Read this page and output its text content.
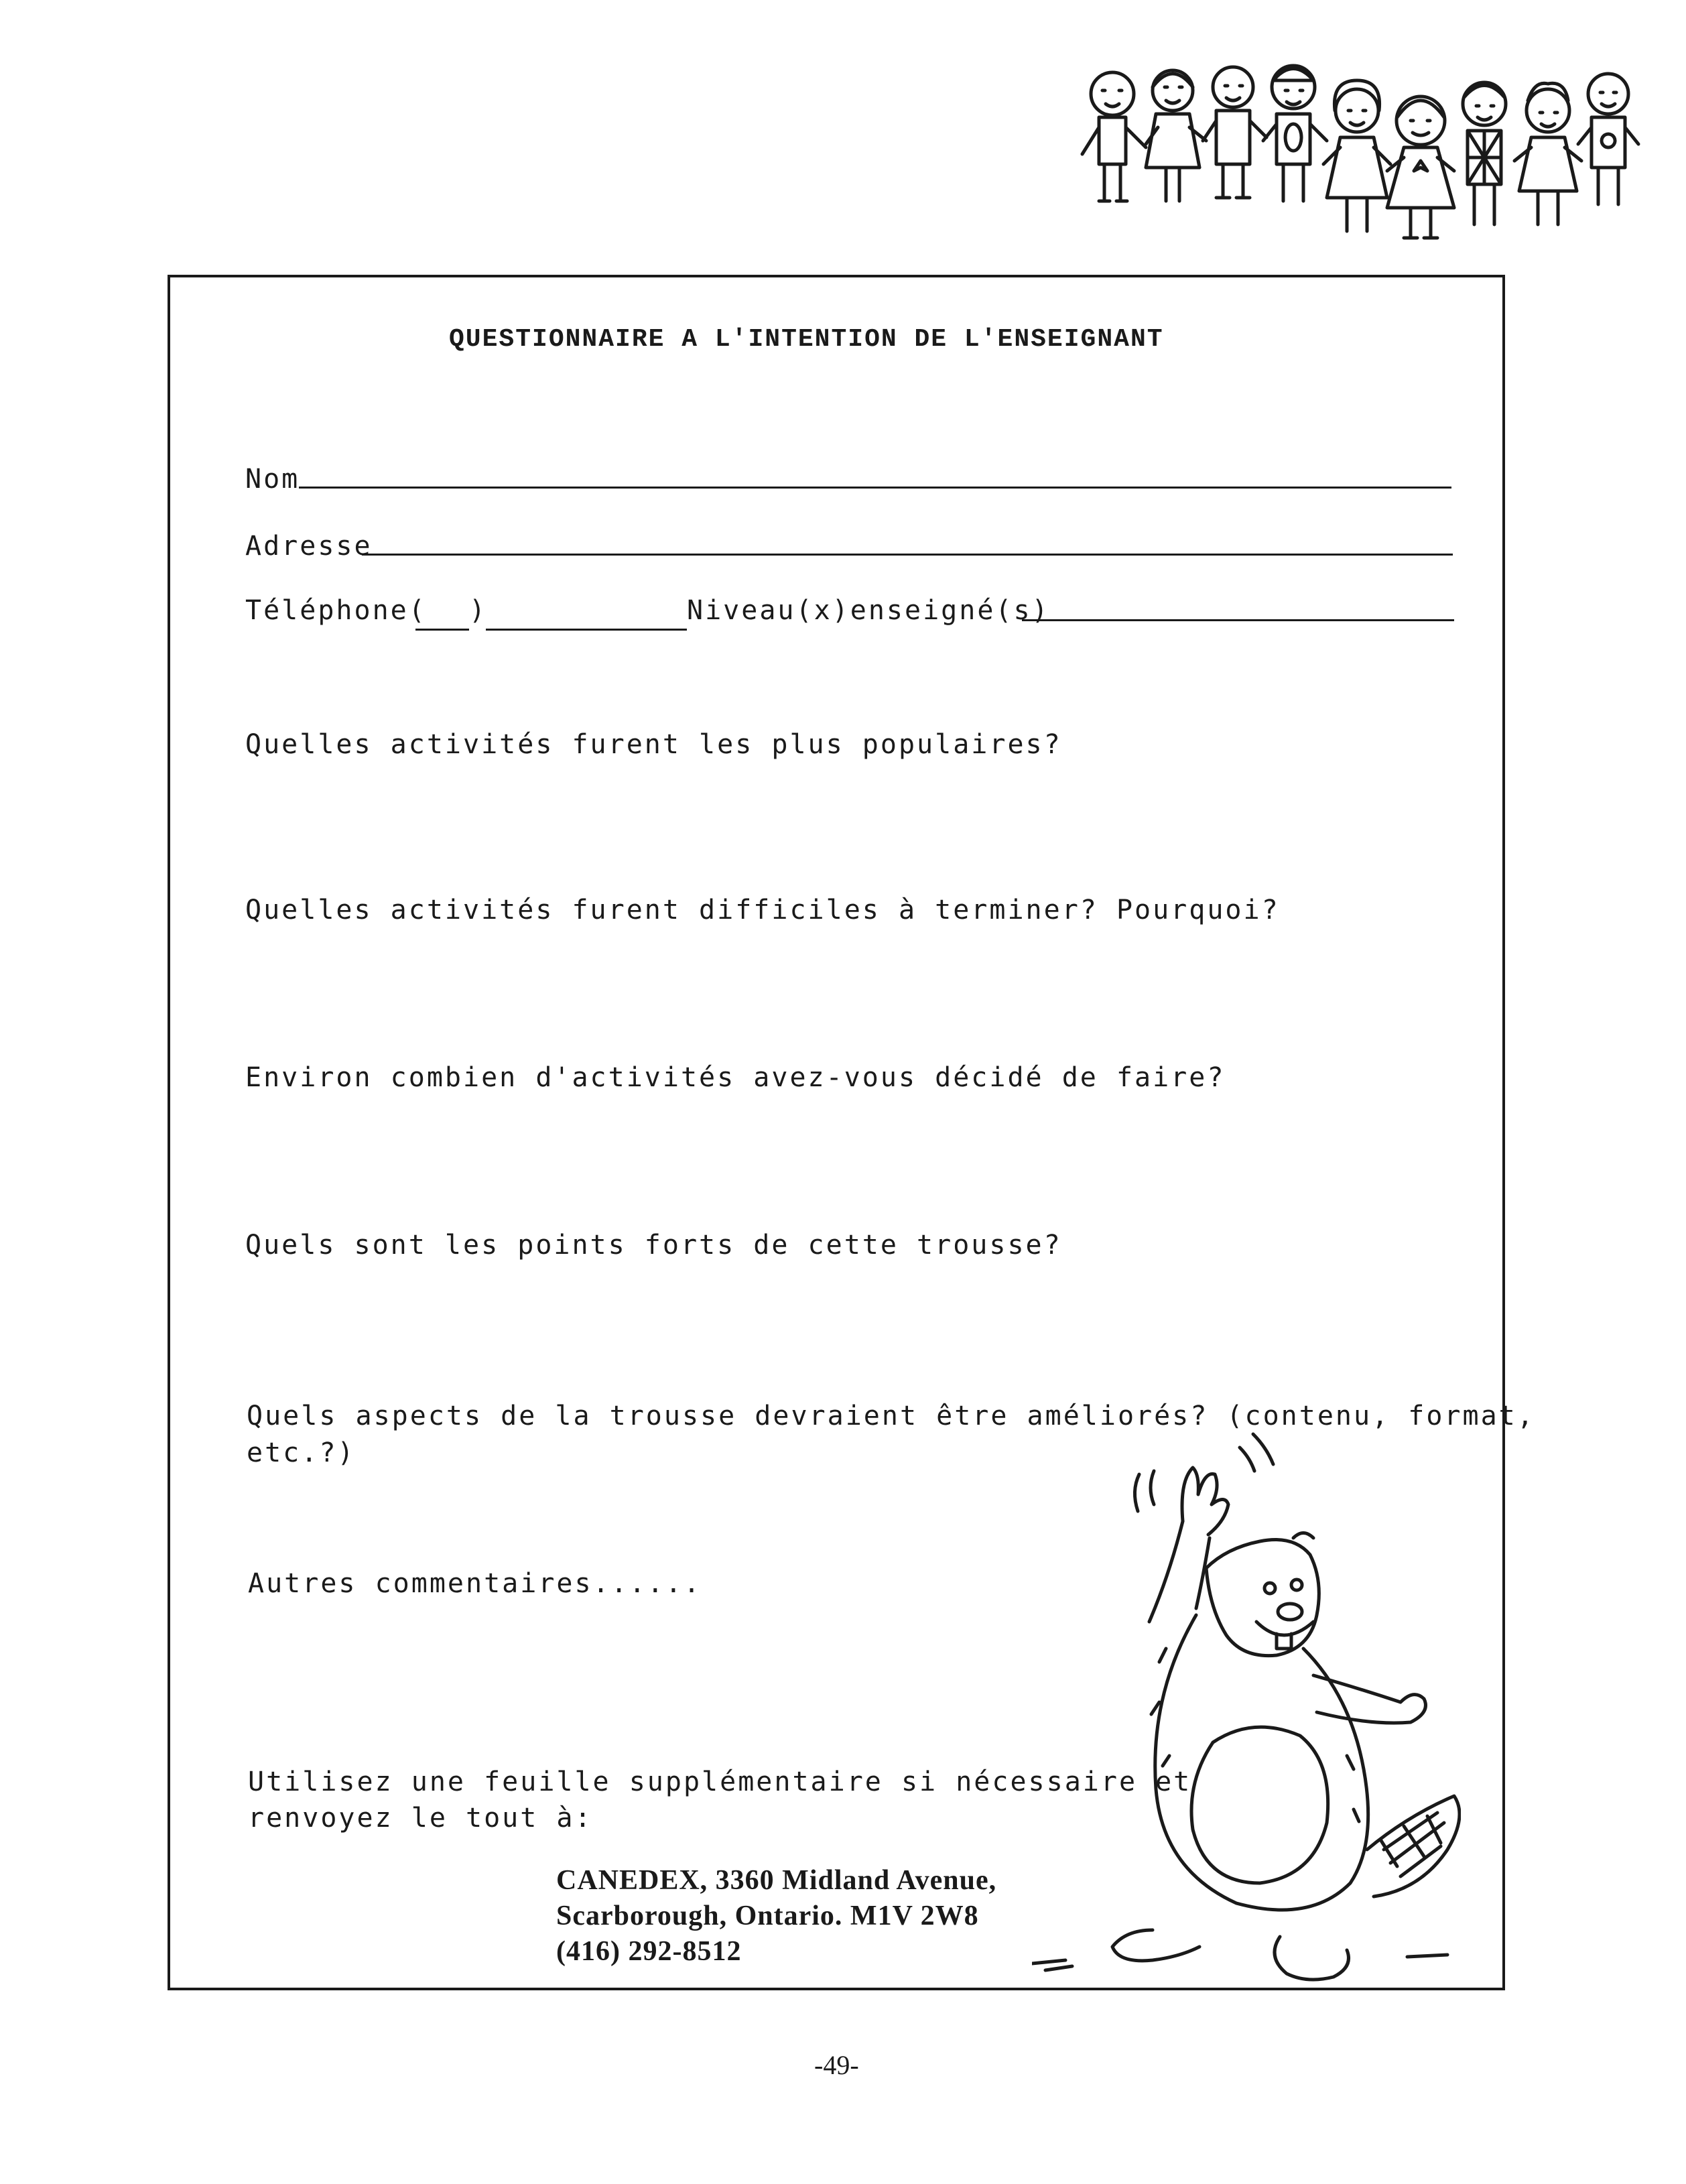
QUESTIONNAIRE A L'INTENTION DE L'ENSEIGNANT
Nom
Adresse
Téléphone( )	Niveau(x)enseigné(s)
Quelles activités furent les plus populaires?
Quelles activités furent difficiles à terminer? Pourquoi?
Environ combien d'activités avez-vous décidé de faire?
Quels sont les points forts de cette trousse?
Quels aspects de la trousse devraient être améliorés? (contenu, format,
etc.?)
Autres commentaires......
Utilisez une feuille supplémentaire si nécessaire et
renvoyez le tout à:
CANEDEX, 3360 Midland Avenue,
Scarborough, Ontario. M1V 2W8
(416) 292-8512
-49-
